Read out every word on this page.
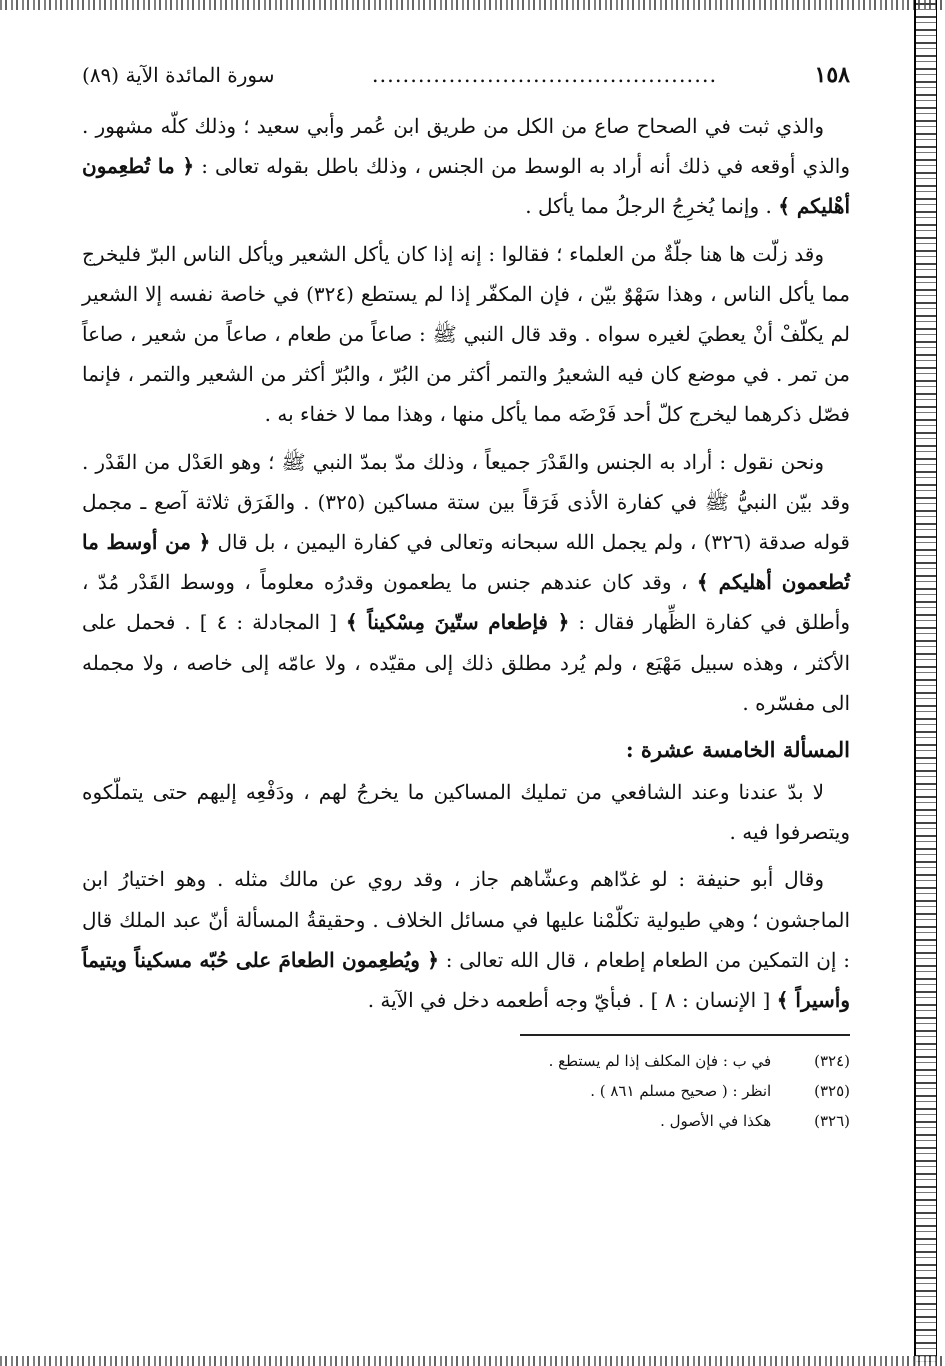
١٥٨
.............................................
سورة المائدة الآية (٨٩)

والذي ثبت في الصحاح صاع من الكل من طريق ابن عُمر وأبي سعيد ؛ وذلك كلّه مشهور . والذي أوقعه في ذلك أنه أراد به الوسط من الجنس ، وذلك باطل بقوله تعالى : ﴿ ما تُطعِمون أهْليكم ﴾ . وإنما يُخرِجُ الرجلُ مما يأكل .

وقد زلّت ها هنا جلّةٌ من العلماء ؛ فقالوا : إنه إذا كان يأكل الشعير ويأكل الناس البرّ فليخرج مما يأكل الناس ، وهذا سَهْوٌ بيّن ، فإن المكفّر إذا لم يستطع (٣٢٤) في خاصة نفسه إلا الشعير لم يكلّفْ أنْ يعطيَ لغيره سواه . وقد قال النبي ﷺ : صاعاً من طعام ، صاعاً من شعير ، صاعاً من تمر . في موضع كان فيه الشعيرُ والتمر أكثر من البُرّ ، والبُرّ أكثر من الشعير والتمر ، فإنما فصّل ذكرهما ليخرج كلّ أحد فَرْضَه مما يأكل منها ، وهذا مما لا خفاء به .

ونحن نقول : أراد به الجنس والقَدْرَ جميعاً ، وذلك مدّ بمدّ النبي ﷺ ؛ وهو العَدْل من القَدْر . وقد بيّن النبيُّ ﷺ في كفارة الأذى فَرَقاً بين ستة مساكين (٣٢٥) . والفَرَق ثلاثة آصع ـ مجمل قوله صدقة (٣٢٦) ، ولم يجمل الله سبحانه وتعالى في كفارة اليمين ، بل قال ﴿ من أوسط ما تُطعمون أهليكم ﴾ ، وقد كان عندهم جنس ما يطعمون وقدرُه معلوماً ، ووسط القَدْر مُدّ ، وأطلق في كفارة الظِّهار فقال : ﴿ فإطعام ستّينَ مِسْكيناً ﴾ [ المجادلة : ٤ ] . فحمل على الأكثر ، وهذه سبيل مَهْيَع ، ولم يُرد مطلق ذلك إلى مقيّده ، ولا عامّه إلى خاصه ، ولا مجمله الى مفسّره .

المسألة الخامسة عشرة :

لا بدّ عندنا وعند الشافعي من تمليك المساكين ما يخرجُ لهم ، ودَفْعِه إليهم حتى يتملّكوه ويتصرفوا فيه .

وقال أبو حنيفة : لو غدّاهم وعشّاهم جاز ، وقد روي عن مالك مثله . وهو اختيارُ ابن الماجشون ؛ وهي طيولية تكلّمْنا عليها في مسائل الخلاف . وحقيقةُ المسألة أنّ عبد الملك قال : إن التمكين من الطعام إطعام ، قال الله تعالى : ﴿ ويُطعِمون الطعامَ على حُبّه مسكيناً ويتيماً وأسيراً ﴾ [ الإنسان : ٨ ] . فبأيّ وجه أطعمه دخل في الآية .

(٣٢٤) في ب : فإن المكلف إذا لم يستطع .
(٣٢٥) انظر : ( صحيح مسلم ٨٦١ ) .
(٣٢٦) هكذا في الأصول .
